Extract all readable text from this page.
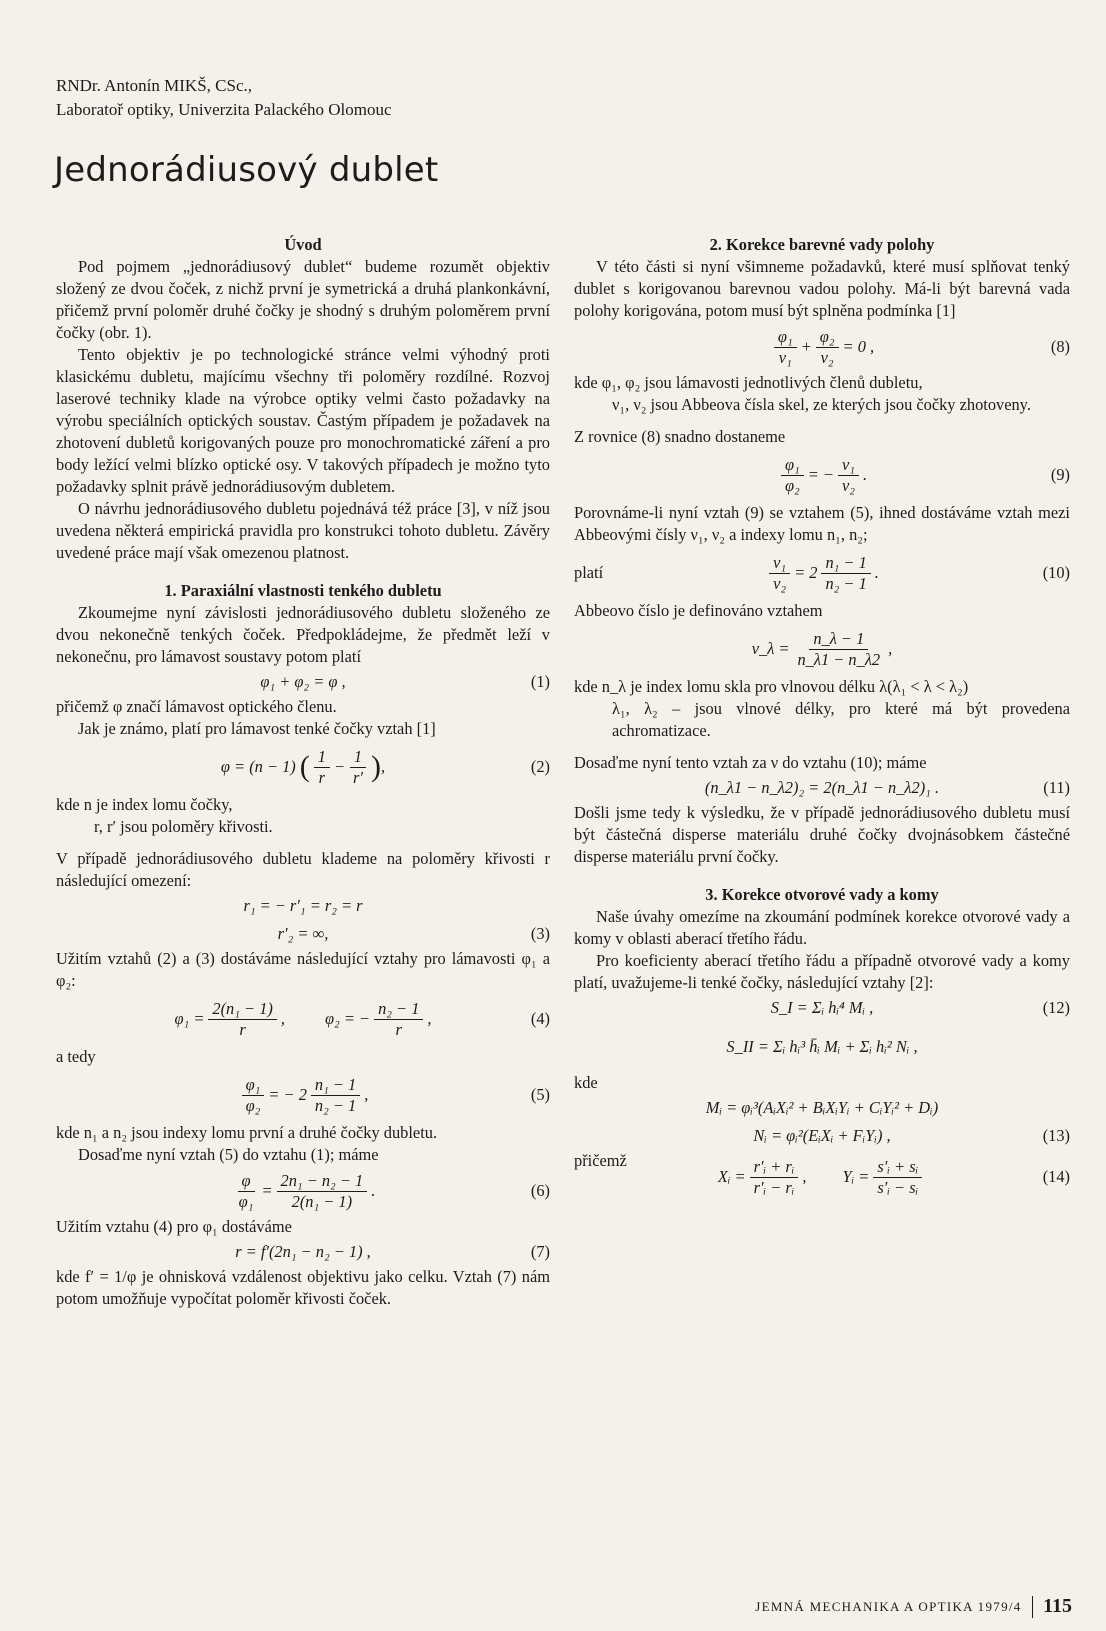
RNDr. Antonín MIKŠ, CSc.,
Laboratoř optiky, Univerzita Palackého Olomouc
Jednorádiusový dublet

Úvod

Pod pojmem „jednorádiusový dublet“ budeme rozumět objektiv složený ze dvou čoček, z nichž první je symetrická a druhá plankonkávní, přičemž první poloměr druhé čočky je shodný s druhým poloměrem první čočky (obr. 1).

Tento objektiv je po technologické stránce velmi výhodný proti klasickému dubletu, majícímu všechny tři poloměry rozdílné. Rozvoj laserové techniky klade na výrobce optiky velmi často požadavky na výrobu speciálních optických soustav. Častým případem je požadavek na zhotovení dubletů korigovaných pouze pro monochromatické záření a pro body ležící velmi blízko optické osy. V takových případech je možno tyto požadavky splnit právě jednorádiusovým dubletem.

O návrhu jednorádiusového dubletu pojednává též práce [3], v níž jsou uvedena některá empirická pravidla pro konstrukci tohoto dubletu. Závěry uvedené práce mají však omezenou platnost.

1. Paraxiální vlastnosti tenkého dubletu

Zkoumejme nyní závislosti jednorádiusového dubletu složeného ze dvou nekonečně tenkých čoček. Předpokládejme, že předmět leží v nekonečnu, pro lámavost soustavy potom platí

φ₁ + φ₂ = φ ,	(1)

přičemž φ značí lámavost optického členu.

Jak je známo, platí pro lámavost tenké čočky vztah [1]

φ = (n − 1) ( $\frac{1}{r} - \frac{1}{r'}$ ) ,	(2)

kde n je index lomu čočky,

r, r′ jsou poloměry křivosti.

V případě jednorádiusového dubletu klademe na poloměry křivosti r následující omezení:

r₁ = − r′₁ = r₂ = r
r′₂ = ∞,	(3)

Užitím vztahů (2) a (3) dostáváme následující vztahy pro lámavosti φ₁ a φ₂:

$\varphi_1 = \frac{\text{2(n₁ − 1)}}{r}$ , φ₂ = − $\frac{\text{n₂ − 1}}{r}$ ,	(4)

a tedy

$\frac{\text{φ₁}}{\text{φ₂}}$ = − $2 \frac{\text{n₁ − 1}}{\text{n₂ − 1}}$ ,	(5)

kde n₁ a n₂ jsou indexy lomu první a druhé čočky dubletu.

Dosaďme nyní vztah (5) do vztahu (1); máme

$\frac{\varphi}{\text{φ₁}} = \frac{\text{2n₁ − n₂ − 1}}{\text{2(n₁ − 1)}}$ .	(6)

Užitím vztahu (4) pro φ₁ dostáváme

r = f′(2n₁ − n₂ − 1) ,	(7)

kde f′ = 1/φ je ohnisková vzdálenost objektivu jako celku. Vztah (7) nám potom umožňuje vypočítat poloměr křivosti čoček.

2. Korekce barevné vady polohy

V této části si nyní všimneme požadavků, které musí splňovat tenký dublet s korigovanou barevnou vadou polohy. Má-li být barevná vada polohy korigována, potom musí být splněna podmínka [1]

$\frac{\text{φ₁}}{\text{ν₁}} + \frac{\text{φ₂}}{\text{ν₂}} = 0$ ,	(8)

kde φ₁, φ₂ jsou lámavosti jednotlivých členů dubletu,

ν₁, ν₂ jsou Abbeova čísla skel, ze kterých jsou čočky zhotoveny.

Z rovnice (8) snadno dostaneme

$\frac{\text{φ₁}}{\text{φ₂}}$ = − $\frac{\text{ν₁}}{\text{ν₂}}$ .	(9)

Porovnáme-li nyní vztah (9) se vztahem (5), ihned dostáváme vztah mezi Abbeovými čísly ν₁, ν₂ a indexy lomu n₁, n₂;

platí	$\frac{\text{ν₁}}{\text{ν₂}} = 2 \frac{\text{n₁ − 1}}{\text{n₂ − 1}}$ .	(10)

Abbeovo číslo je definováno vztahem

ν_λ = $\frac{n\_\lambda - 1}{n\_\lambda 1 - n\_\lambda 2}$ ,

kde n_λ je index lomu skla pro vlnovou délku λ(λ₁ < λ < λ₂)

λ₁, λ₂ – jsou vlnové délky, pro které má být provedena achromatizace.

Dosaďme nyní tento vztah za ν do vztahu (10); máme

(n_λ1 − n_λ2)₂ = 2(n_λ1 − n_λ2)₁ .	(11)

Došli jsme tedy k výsledku, že v případě jednorádiusového dubletu musí být částečná disperse materiálu druhé čočky dvojnásobkem částečné disperse materiálu první čočky.

3. Korekce otvorové vady a komy

Naše úvahy omezíme na zkoumání podmínek korekce otvorové vady a komy v oblasti aberací třetího řádu.

Pro koeficienty aberací třetího řádu a případně otvorové vady a komy platí, uvažujeme-li tenké čočky, následující vztahy [2]:

S_I = Σᵢ hᵢ⁴ Mᵢ ,	(12)
S_II = Σᵢ hᵢ³ h̄ᵢ Mᵢ + Σᵢ hᵢ² Nᵢ ,

kde

Mᵢ = φᵢ³(AᵢXᵢ² + BᵢXᵢYᵢ + CᵢYᵢ² + Dᵢ)
Nᵢ = φᵢ²(EᵢXᵢ + FᵢYᵢ) ,	(13)
přičemž
Xᵢ = $\frac{\text{r′ᵢ + rᵢ}}{\text{r′ᵢ − rᵢ}}$ , Yᵢ = $\frac{\text{s′ᵢ + sᵢ}}{\text{s′ᵢ − sᵢ}}$	(14)
JEMNÁ MECHANIKA A OPTIKA 1979/4 115
